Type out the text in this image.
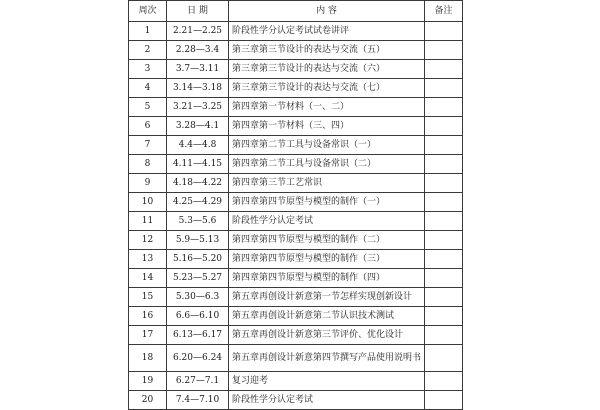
周次	日 期	内 容	备注
1	2.21—2.25	阶段性学分认定考试试卷讲评	
2	2.28—3.4	第三章第三节设计的表达与交流（五）	
3	3.7—3.11	第三章第三节设计的表达与交流（六）	
4	3.14—3.18	第三章第三节设计的表达与交流（七）	
5	3.21—3.25	第四章第一节材料（一、二）	
6	3.28—4.1	第四章第一节材料（三、四）	
7	4.4—4.8	第四章第二节工具与设备常识（一）	
8	4.11—4.15	第四章第二节工具与设备常识（二）	
9	4.18—4.22	第四章第三节工艺常识	
10	4.25—4.29	第四章第四节原型与模型的制作（一）	
11	5.3—5.6	阶段性学分认定考试	
12	5.9—5.13	第四章第四节原型与模型的制作（二）	
13	5.16—5.20	第四章第四节原型与模型的制作（三）	
14	5.23—5.27	第四章第四节原型与模型的制作（四）	
15	5.30—6.3	第五章再创设计新意第一节怎样实现创新设计	
16	6.6—6.10	第五章再创设计新意第二节认识技术测试	
17	6.13—6.17	第五章再创设计新意第三节评价、优化设计	
18	6.20—6.24	第五章再创设计新意第四节撰写产品使用说明书	
19	6.27—7.1	复习迎考	
20	7.4—7.10	阶段性学分认定考试	
